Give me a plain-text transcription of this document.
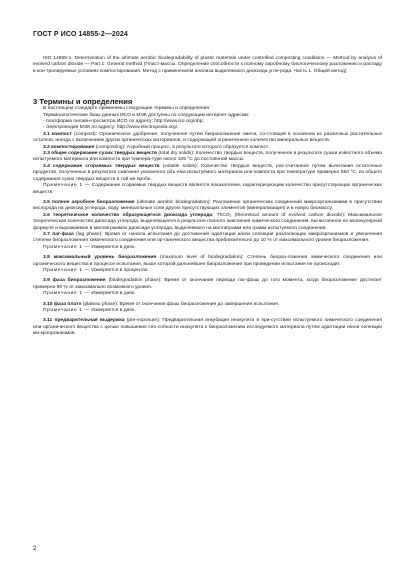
ГОСТ Р ИСО 14855-2—2024

ISO 14855-1, Determination of the ultimate aerobic biodegradability of plastic materials under controlled composting conditions — Method by analysis of evolved carbon dioxide — Part 1: General method (Пласт-массы. Определение способности к полному аэробному биологическому разложению и распаду в кон-тролируемых условиях компостирования. Метод с применением анализа выделяемого диоксида угле-рода. Часть 1. Общий метод)

3 Термины и определения

В настоящем стандарте применены следующие термины и определения.

Терминологические базы данных ИСО и МЭК доступны по следующим интернет-адресам:

- платформа онлайн-просмотра ИСО по адресу: http://www.iso.org/obp;

- Электропедия МЭК по адресу: http://www.electropedia.org/.

3.1 компост (compost): Органическое удобрение, полученное путем биоразложения смеси, со-стоящей в основном из различных растительных остатков, иногда с включением других органических материалов, и содержащей ограниченное количество минеральных веществ.

3.2 компостирование (composting): Аэробный процесс, в результате которого образуется компост.

3.3 общее содержание сухих твердых веществ (total dry solids): Количество твердых веществ, полученное в результате сушки известного объема испытуемого материала или компоста при темпера-туре около 105 °С до постоянной массы.

3.4 содержание сгораемых твердых веществ (volatile solids): Количество твердых веществ, рас-считанное путем вычитания остаточных продуктов, полученных в результате сжигания указанного объ-ема испытуемого материала или компоста при температуре примерно 550 °С, из общего содержания сухих твердых веществ в той же пробе.

Примечание 1 — Содержание сгораемых твердых веществ является показателем, характеризующим количество присутствующих органических веществ.

3.5 полное аэробное биоразложение (ultimate aerobic biodegradation): Разложение органических соединений микроорганизмами в присутствии кислорода на диоксид углерода, воду, минеральные соли других присутствующих элементов (минерализация) и в новую биомассу.

3.6 теоретическое количество образующегося диоксида углерода; ThCO₂ (theoretical amount of evolved carbon dioxide): Максимальное теоретическое количество диоксида углерода, выделяющееся в результате полного окисления химического соединения, вычисленное по молекулярной формуле и выражаемое в миллиграммах диоксида углерода, выделяемого на миллиграмм или грамм испытуемого соединения.

3.7 лаг-фаза (lag phase): Время от начала испытания до достижения адаптации и/или селекции разлагающих микроорганизмов и увеличения степени биоразложения химического соединения или ор-ганического вещества приблизительно до 10 % от максимального уровня биоразложения.

Примечание 1 — Измеряется в днях.

3.8 максимальный уровень биоразложения (maximum level of biodegradation): Степень биораз-ложения химического соединения или органического вещества в процессе испытания, выше которой дальнейшее биоразложение при проведении испытания не происходит.

Примечание 1 — Измеряется в процентах.

3.9 фаза биоразложения (biodegradation phase): Время от окончания периода лаг-фазы до того момента, когда биоразложение достигает примерно 90 % от максимально возможного уровня.

Примечание 1 — Измеряется в днях.

3.10 фаза плато (plateau phase): Время от окончания фазы биоразложения до завершения испытания.

Примечание 1 — Измеряется в днях.

3.11 предварительная выдержка (pre-exposure): Предварительная инкубация инокулята в при-сутствии испытуемого химического соединения или органического вещества с целью повышения спо-собности инокулята к биоразложению исследуемого материала путем адаптации и/или селекции ми-кроорганизмов.

2
